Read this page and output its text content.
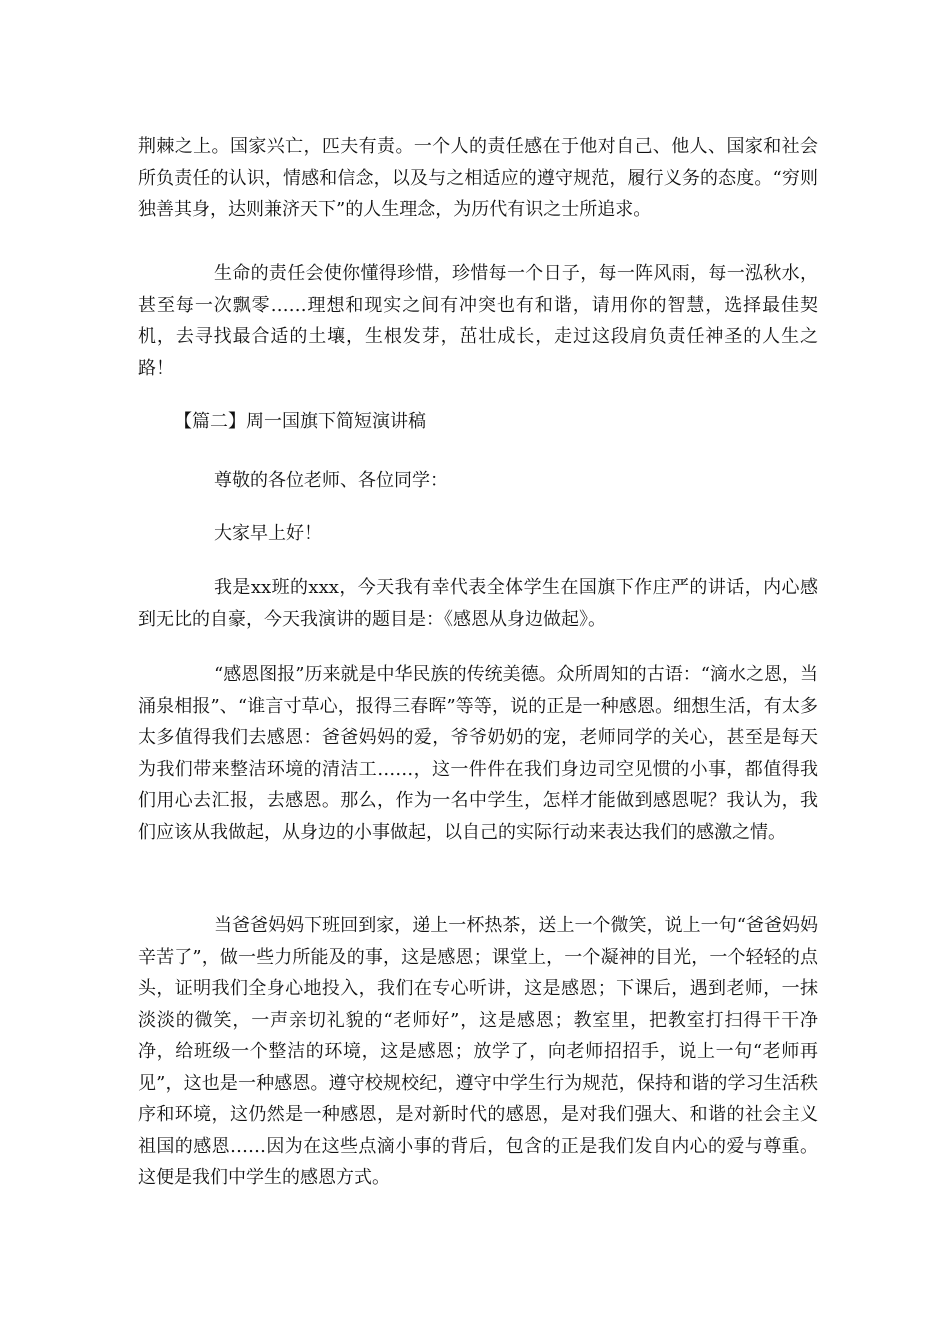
荆棘之上。国家兴亡，匹夫有责。一个人的责任感在于他对自己、他人、国家和社会所负责任的认识，情感和信念，以及与之相适应的遵守规范，履行义务的态度。“穷则独善其身，达则兼济天下”的人生理念，为历代有识之士所追求。

生命的责任会使你懂得珍惜，珍惜每一个日子，每一阵风雨，每一泓秋水，甚至每一次飘零……理想和现实之间有冲突也有和谐，请用你的智慧，选择最佳契机，去寻找最合适的土壤，生根发芽，茁壮成长，走过这段肩负责任神圣的人生之路！

【篇二】周一国旗下简短演讲稿

尊敬的各位老师、各位同学：

大家早上好！

我是xx班的xxx，今天我有幸代表全体学生在国旗下作庄严的讲话，内心感到无比的自豪，今天我演讲的题目是：《感恩从身边做起》。

“感恩图报”历来就是中华民族的传统美德。众所周知的古语：“滴水之恩，当涌泉相报”、“谁言寸草心，报得三春晖”等等，说的正是一种感恩。细想生活，有太多太多值得我们去感恩：爸爸妈妈的爱，爷爷奶奶的宠，老师同学的关心，甚至是每天为我们带来整洁环境的清洁工……，这一件件在我们身边司空见惯的小事，都值得我们用心去汇报，去感恩。那么，作为一名中学生，怎样才能做到感恩呢？我认为，我们应该从我做起，从身边的小事做起，以自己的实际行动来表达我们的感激之情。

当爸爸妈妈下班回到家，递上一杯热茶，送上一个微笑，说上一句“爸爸妈妈辛苦了”，做一些力所能及的事，这是感恩；课堂上，一个凝神的目光，一个轻轻的点头，证明我们全身心地投入，我们在专心听讲，这是感恩；下课后，遇到老师，一抹淡淡的微笑，一声亲切礼貌的“老师好”，这是感恩；教室里，把教室打扫得干干净净，给班级一个整洁的环境，这是感恩；放学了，向老师招招手，说上一句“老师再见”，这也是一种感恩。遵守校规校纪，遵守中学生行为规范，保持和谐的学习生活秩序和环境，这仍然是一种感恩，是对新时代的感恩，是对我们强大、和谐的社会主义祖国的感恩……因为在这些点滴小事的背后，包含的正是我们发自内心的爱与尊重。这便是我们中学生的感恩方式。
